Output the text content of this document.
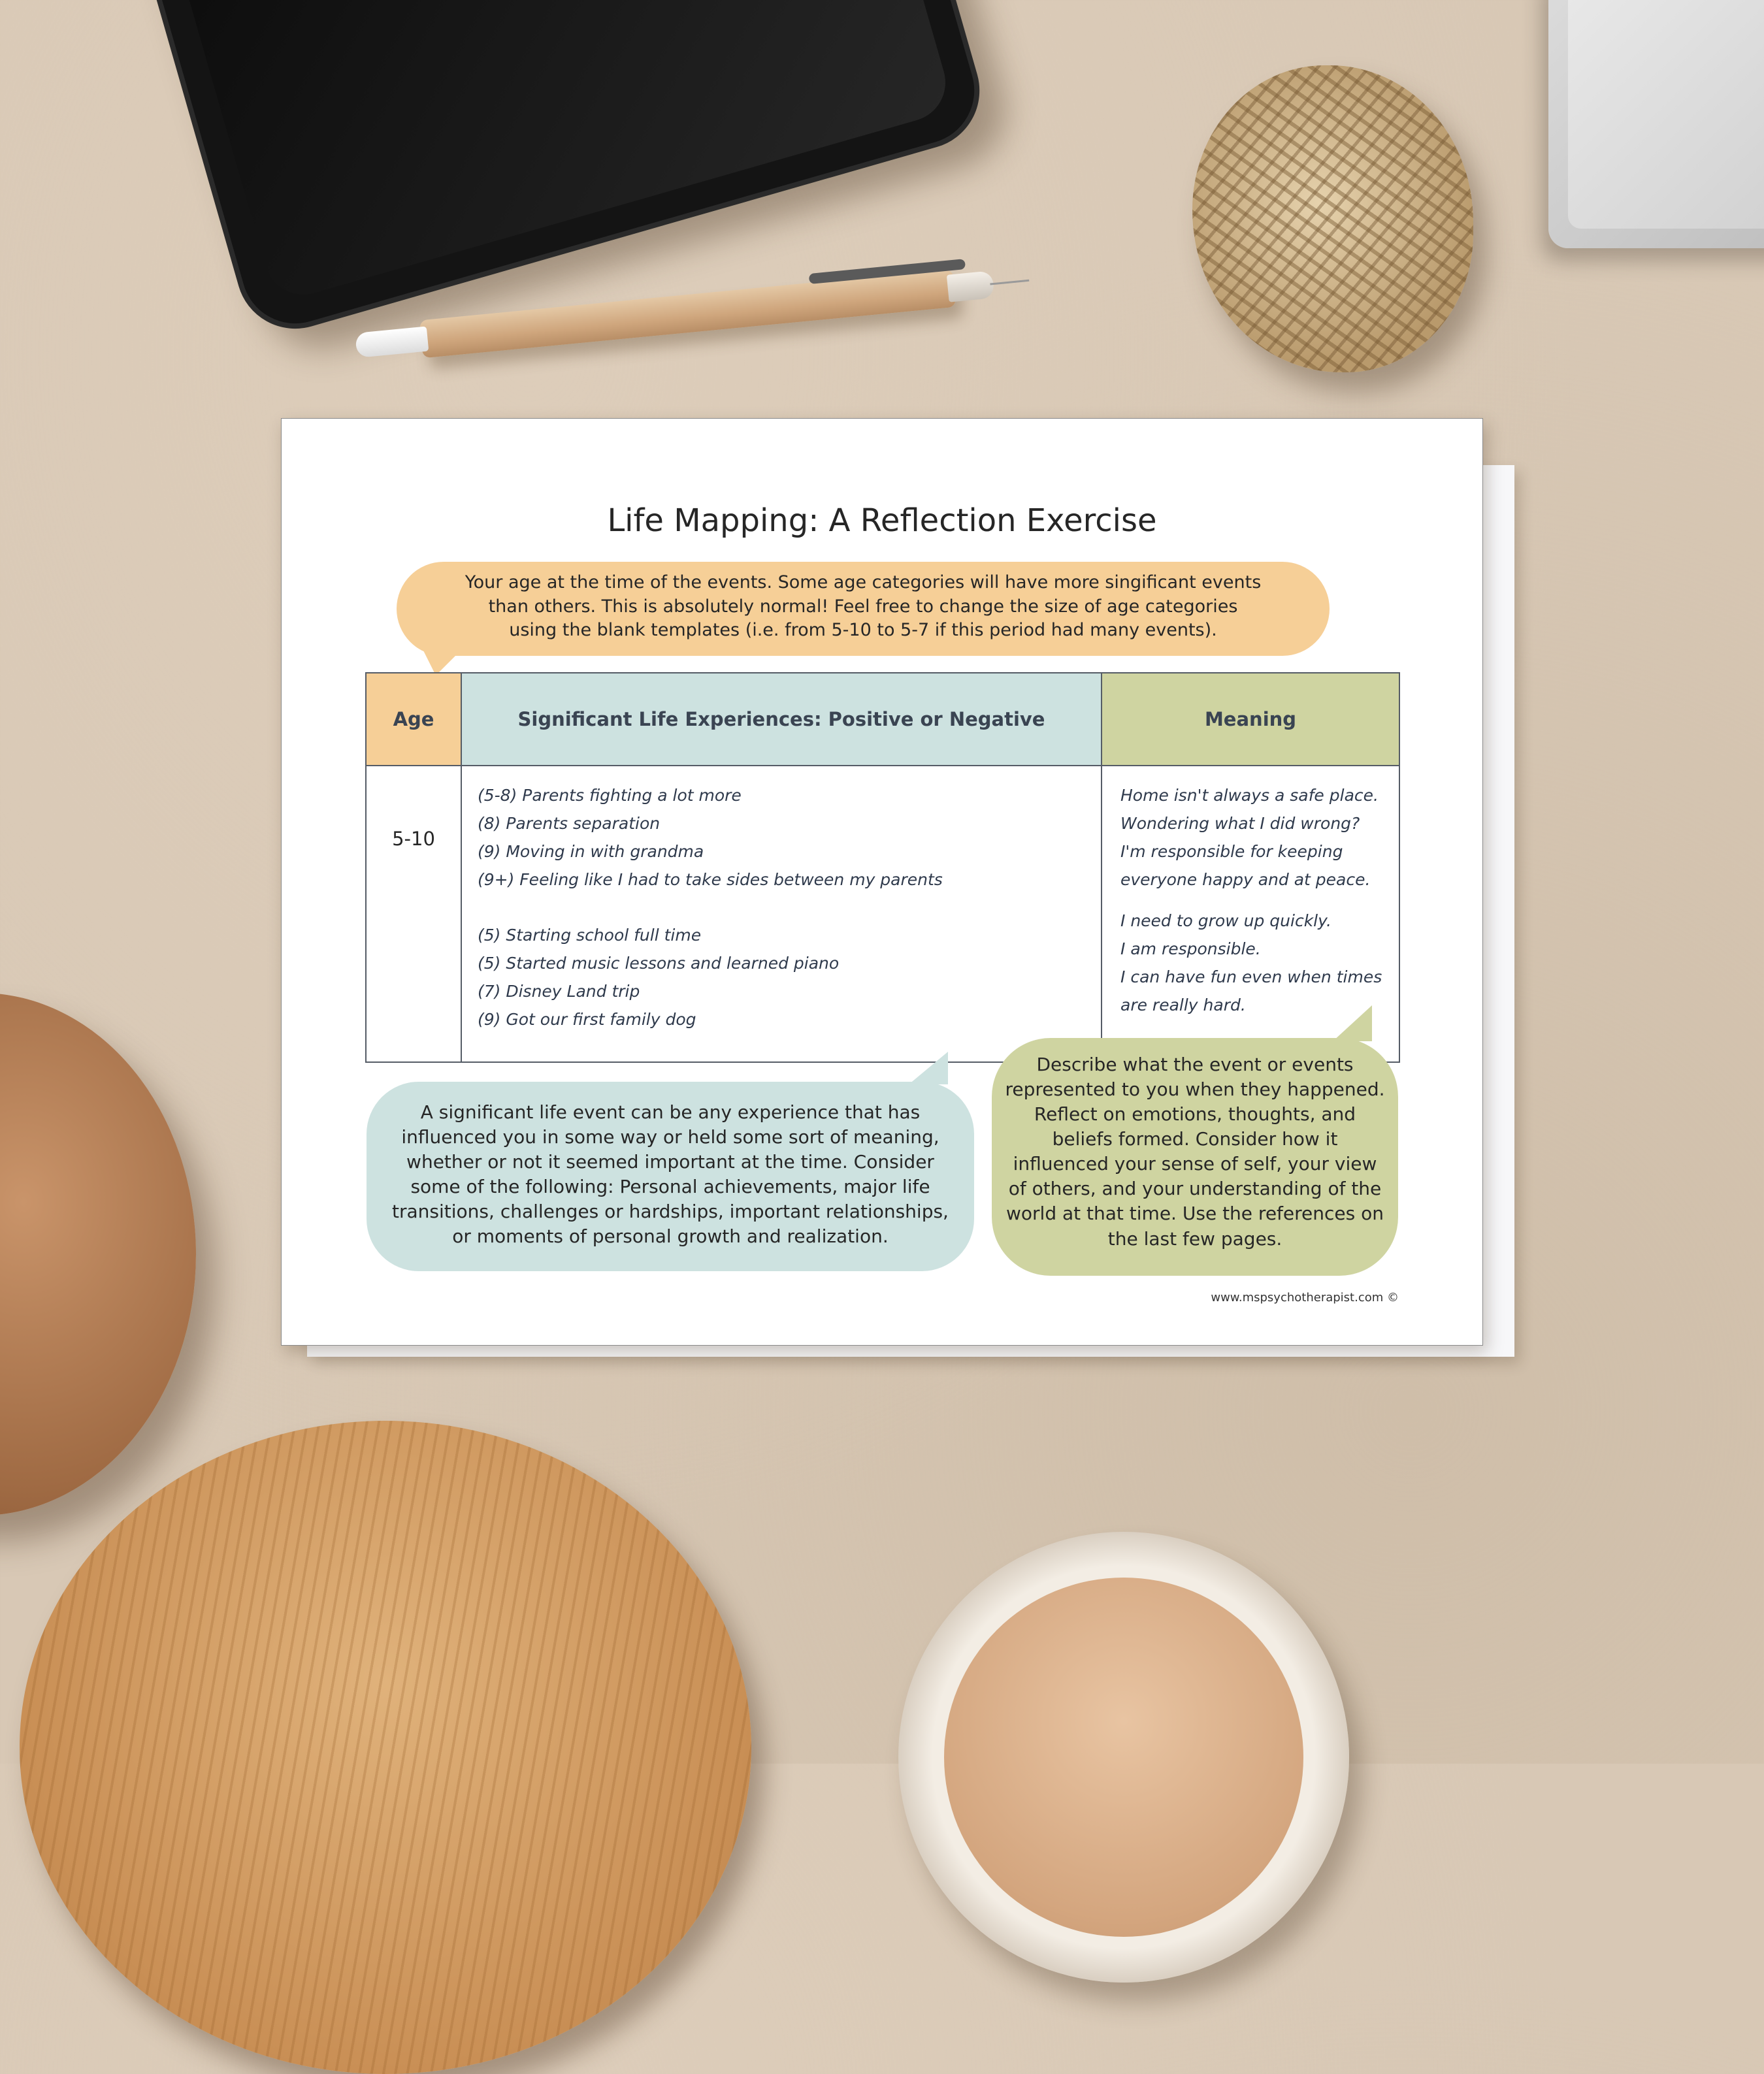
Life Mapping: A Reflection Exercise
Your age at the time of the events. Some age categories will have more singificant events than others. This is absolutely normal! Feel free to change the size of age categories using the blank templates (i.e. from 5-10 to 5-7 if this period had many events).
Age
5-10
Significant Life Experiences: Positive or Negative
(5-8) Parents fighting a lot more
(8) Parents separation
(9) Moving in with grandma
(9+) Feeling like I had to take sides between my parents
(5) Starting school full time
(5) Started music lessons and learned piano
(7) Disney Land trip
(9) Got our first family dog
Meaning
Home isn't always a safe place.
Wondering what I did wrong?
I'm responsible for keeping
everyone happy and at peace.
I need to grow up quickly.
I am responsible.
I can have fun even when times
are really hard.
A significant life event can be any experience that has influenced you in some way or held some sort of meaning, whether or not it seemed important at the time. Consider some of the following: Personal achievements, major life transitions, challenges or hardships, important relationships, or moments of personal growth and realization.
Describe what the event or events represented to you when they happened. Reflect on emotions, thoughts, and beliefs formed. Consider how it influenced your sense of self, your view of others, and your understanding of the world at that time. Use the references on the last few pages.
www.mspsychotherapist.com ©
